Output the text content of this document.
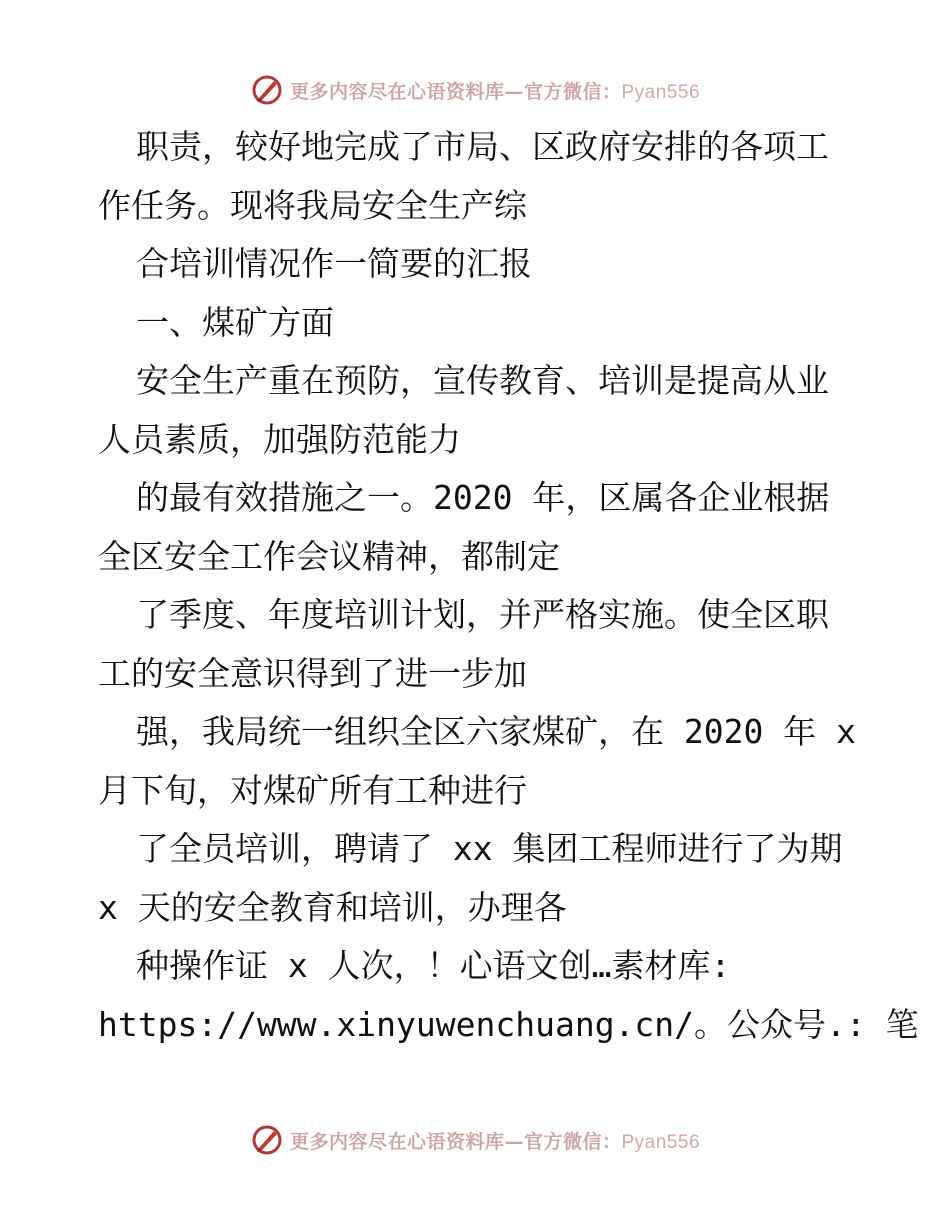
更多内容尽在心语资料库—官方微信：Pyan556
职责，较好地完成了市局、区政府安排的各项工
作任务。现将我局安全生产综
合培训情况作一简要的汇报
一、煤矿方面
安全生产重在预防，宣传教育、培训是提高从业
人员素质，加强防范能力
的最有效措施之一。2020 年，区属各企业根据
全区安全工作会议精神，都制定
了季度、年度培训计划，并严格实施。使全区职
工的安全意识得到了进一步加
强，我局统一组织全区六家煤矿，在 2020 年 x
月下旬，对煤矿所有工种进行
了全员培训，聘请了 xx 集团工程师进行了为期
x 天的安全教育和培训，办理各
种操作证 x 人次，！心语文创…素材库:
https://www.xinyuwenchuang.cn/。公众号.: 笔
更多内容尽在心语资料库—官方微信：Pyan556
